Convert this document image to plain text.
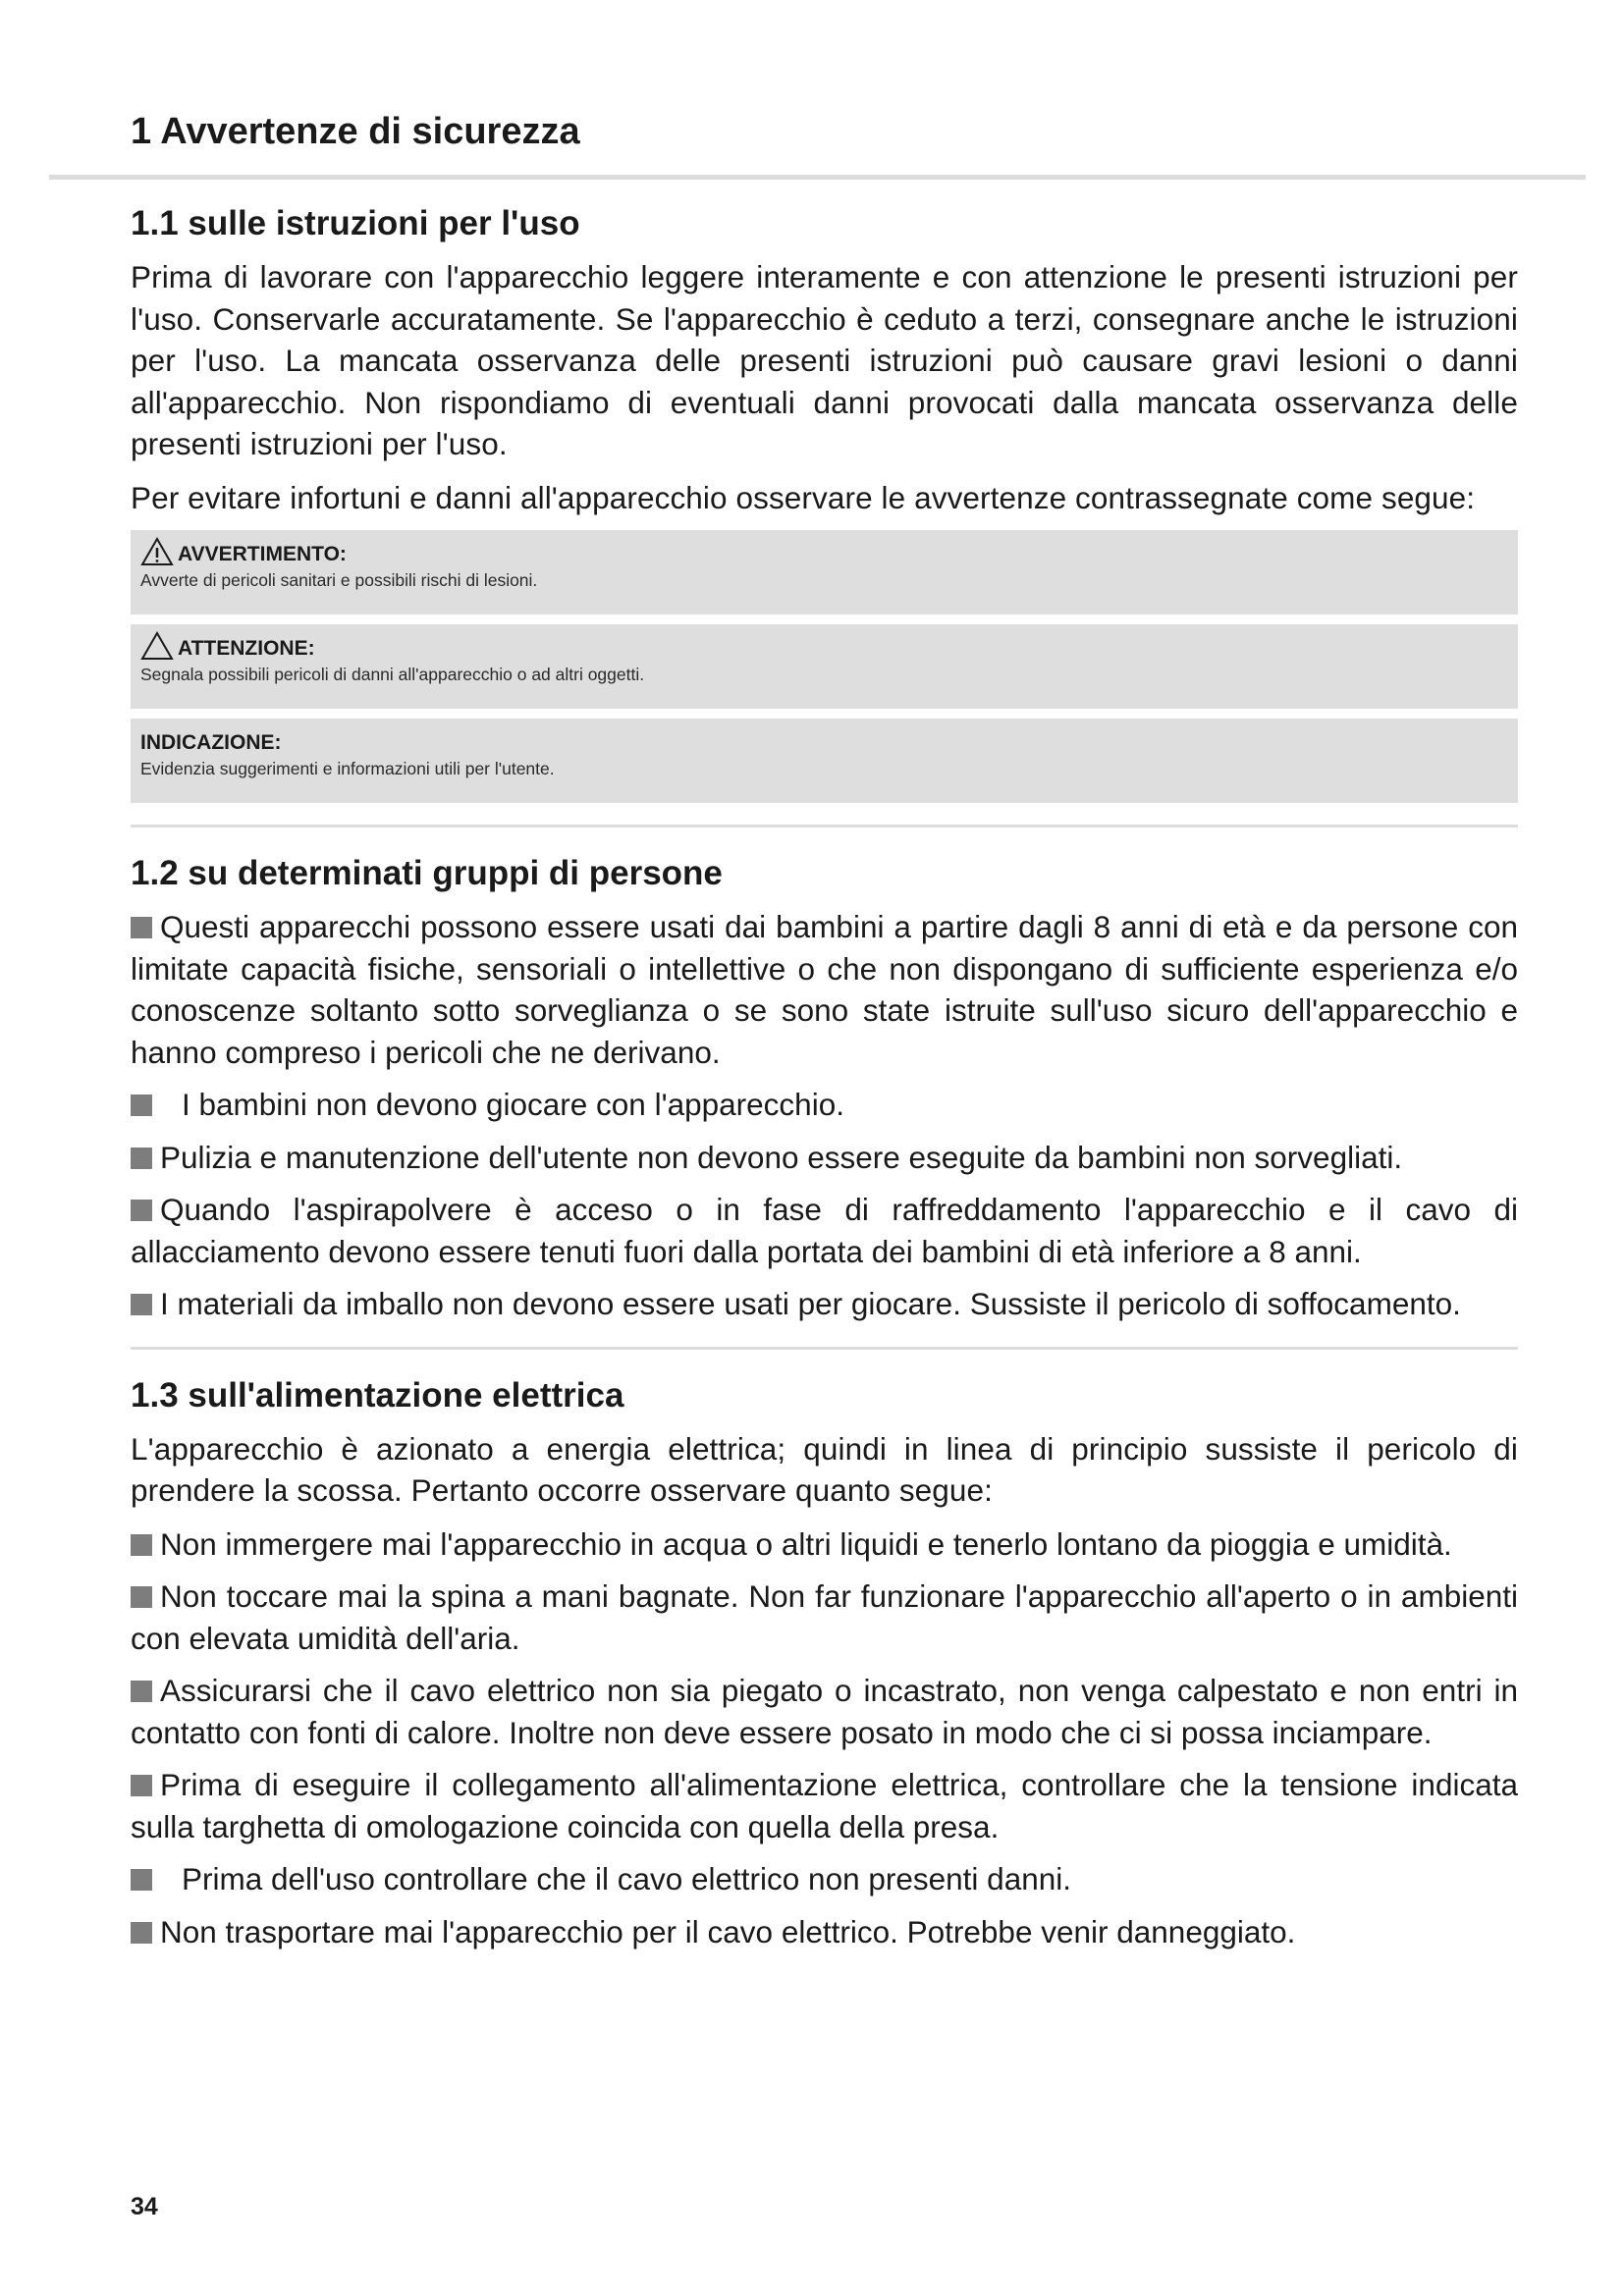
1 Avvertenze di sicurezza
1.1 sulle istruzioni per l'uso

Prima di lavorare con l'apparecchio leggere interamente e con attenzione le presenti istruzioni per l'uso. Conservarle accuratamente. Se l'apparecchio è ceduto a terzi, consegnare anche le istruzioni per l'uso. La mancata osservanza delle presenti istruzioni può causare gravi lesioni o danni all'apparecchio. Non rispondiamo di eventuali danni provocati dalla mancata osservanza delle presenti istruzioni per l'uso.

Per evitare infortuni e danni all'apparecchio osservare le avvertenze contrassegnate come segue:

AVVERTIMENTO:
Avverte di pericoli sanitari e possibili rischi di lesioni.
ATTENZIONE:
Segnala possibili pericoli di danni all'apparecchio o ad altri oggetti.
INDICAZIONE:
Evidenzia suggerimenti e informazioni utili per l'utente.
1.2 su determinati gruppi di persone

Questi apparecchi possono essere usati dai bambini a partire dagli 8 anni di età e da persone con limitate capacità fisiche, sensoriali o intellettive o che non dispongano di sufficiente esperienza e/o conoscenze soltanto sotto sorveglianza o se sono state istruite sull'uso sicuro dell'apparecchio e hanno compreso i pericoli che ne derivano.

I bambini non devono giocare con l'apparecchio.

Pulizia e manutenzione dell'utente non devono essere eseguite da bambini non sorvegliati.

Quando l'aspirapolvere è acceso o in fase di raffreddamento l'apparecchio e il cavo di allacciamento devono essere tenuti fuori dalla portata dei bambini di età inferiore a 8 anni.

I materiali da imballo non devono essere usati per giocare. Sussiste il pericolo di soffocamento.

1.3 sull'alimentazione elettrica

L'apparecchio è azionato a energia elettrica; quindi in linea di principio sussiste il pericolo di prendere la scossa. Pertanto occorre osservare quanto segue:

Non immergere mai l'apparecchio in acqua o altri liquidi e tenerlo lontano da pioggia e umidità.

Non toccare mai la spina a mani bagnate. Non far funzionare l'apparecchio all'aperto o in ambienti con elevata umidità dell'aria.

Assicurarsi che il cavo elettrico non sia piegato o incastrato, non venga calpestato e non entri in contatto con fonti di calore. Inoltre non deve essere posato in modo che ci si possa inciampare.

Prima di eseguire il collegamento all'alimentazione elettrica, controllare che la tensione indicata sulla targhetta di omologazione coincida con quella della presa.

Prima dell'uso controllare che il cavo elettrico non presenti danni.

Non trasportare mai l'apparecchio per il cavo elettrico. Potrebbe venir danneggiato.

34
